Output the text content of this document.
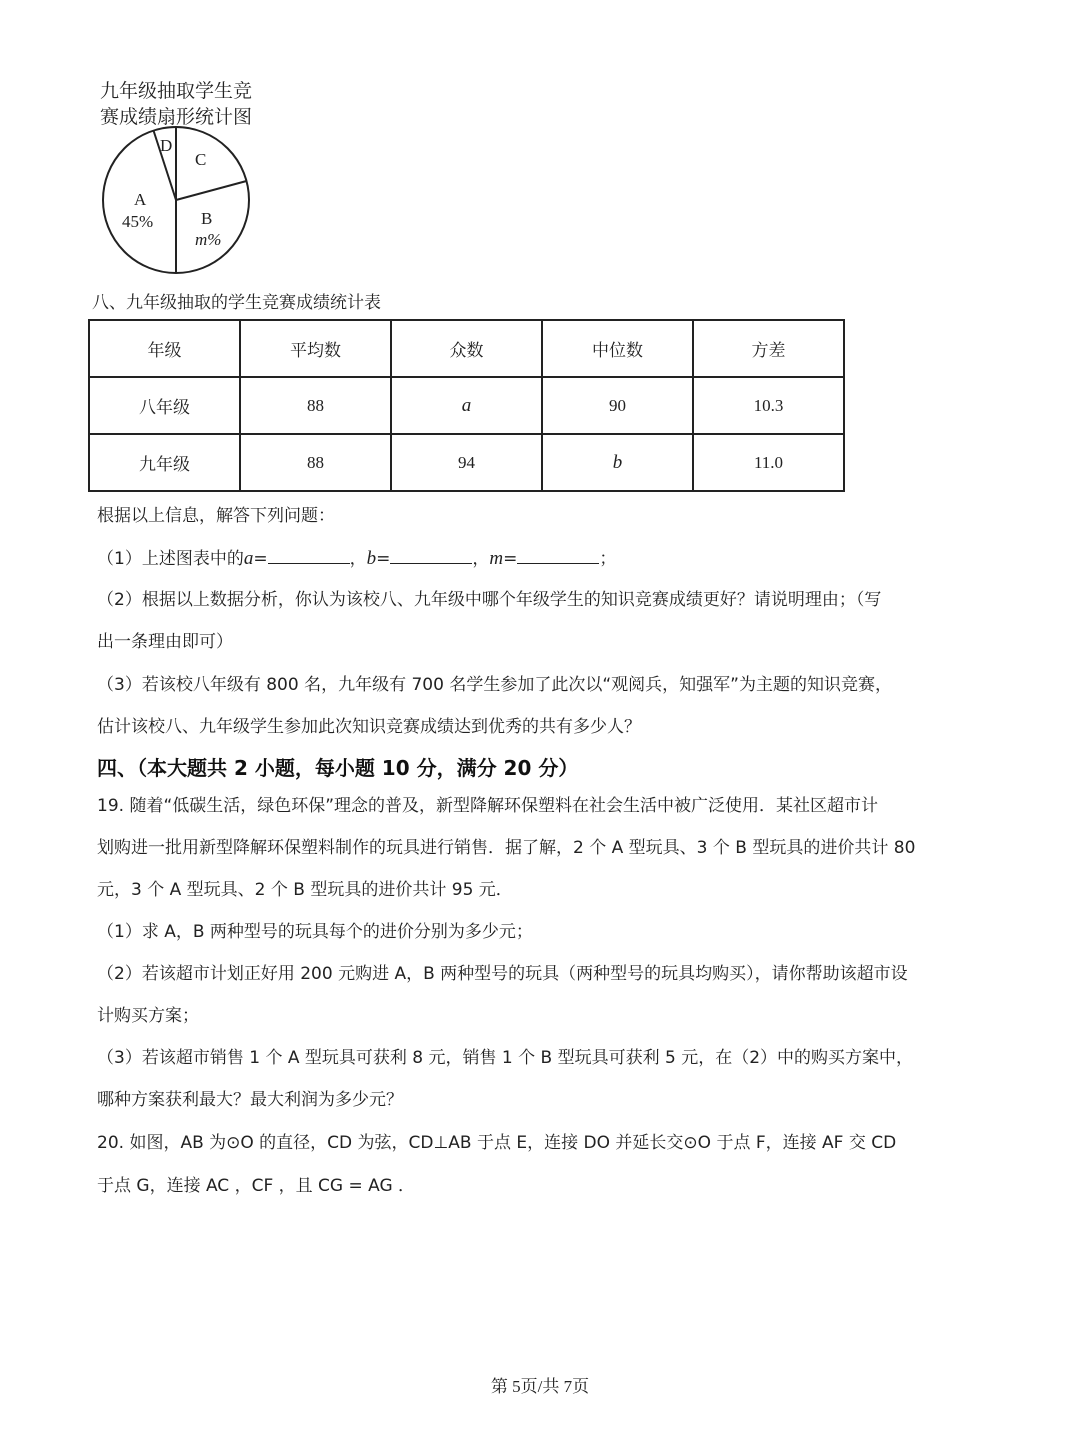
九年级抽取学生竞
赛成绩扇形统计图
D
C
A
45%	B
m%
八、九年级抽取的学生竞赛成绩统计表
年级	平均数	众数	中位数	方差
八年级	88	a	90	10.3
九年级	88	94	b	11.0
根据以上信息，解答下列问题：
（1）上述图表中的a=	，b=	，m=	；
（2）根据以上数据分析，你认为该校八、九年级中哪个年级学生的知识竞赛成绩更好？请说明理由；（写
出一条理由即可）
（3）若该校八年级有 800 名，九年级有 700 名学生参加了此次以“观阅兵，知强军”为主题的知识竞赛，
估计该校八、九年级学生参加此次知识竞赛成绩达到优秀的共有多少人？
四、（本大题共 2 小题，每小题 10 分，满分 20 分）
19. 随着“低碳生活，绿色环保”理念的普及，新型降解环保塑料在社会生活中被广泛使用．某社区超市计
划购进一批用新型降解环保塑料制作的玩具进行销售．据了解，2 个 A 型玩具、3 个 B 型玩具的进价共计 80
元，3 个 A 型玩具、2 个 B 型玩具的进价共计 95 元．
（1）求 A，B 两种型号的玩具每个的进价分别为多少元；
（2）若该超市计划正好用 200 元购进 A，B 两种型号的玩具（两种型号的玩具均购买），请你帮助该超市设
计购买方案；
（3）若该超市销售 1 个 A 型玩具可获利 8 元，销售 1 个 B 型玩具可获利 5 元，在（2）中的购买方案中，
哪种方案获利最大？最大利润为多少元？
20. 如图，AB 为⊙O 的直径，CD 为弦，CD⊥AB 于点 E，连接 DO 并延长交⊙O 于点 F，连接 AF 交 CD
于点 G，连接 AC ，CF ，且 CG = AG ．
第 5页/共 7页
